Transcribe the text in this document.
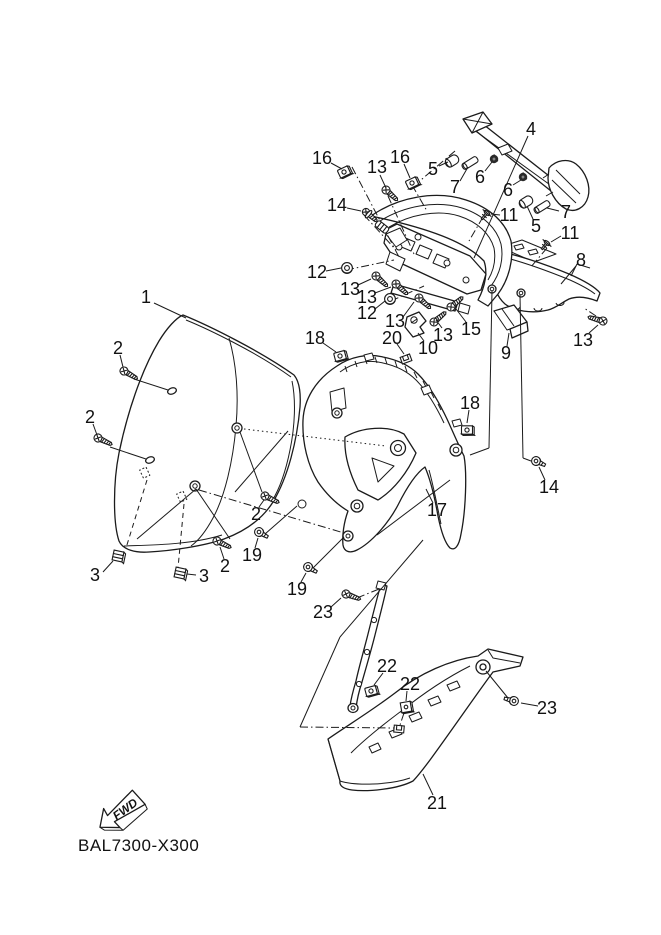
16 13 16
5 6
4
7 6
7
5
14	11
11
8
12
13
13
12 13
13 15
10	9
13
1
2
2
18	20
18
2
2
19
19
3	3
17
14
23
22
22
23
21
FWD
BAL7300-X300
